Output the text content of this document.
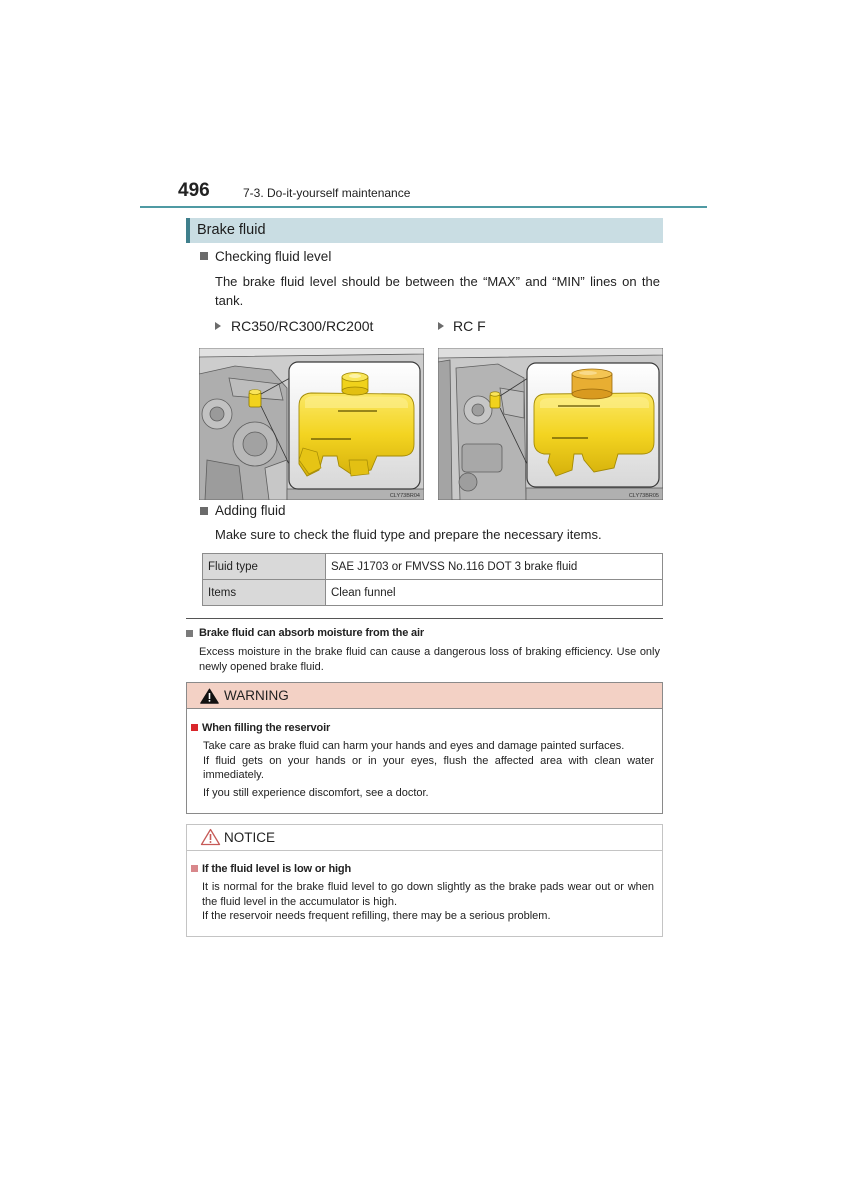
496	7-3. Do-it-yourself maintenance
Brake fluid
Checking fluid level
The brake fluid level should be between the “MAX” and “MIN” lines on the tank.
RC350/RC300/RC200t	RC F
CLY73BR04	CLY73BR05
Adding fluid
Make sure to check the fluid type and prepare the necessary items.
Fluid type	SAE J1703 or FMVSS No.116 DOT 3 brake fluid
Items	Clean funnel
Brake fluid can absorb moisture from the air
Excess moisture in the brake fluid can cause a dangerous loss of braking efficiency. Use only newly opened brake fluid.
WARNING
When filling the reservoir

Take care as brake fluid can harm your hands and eyes and damage painted surfaces.

If fluid gets on your hands or in your eyes, flush the affected area with clean water immediately.

If you still experience discomfort, see a doctor.

NOTICE
If the fluid level is low or high

It is normal for the brake fluid level to go down slightly as the brake pads wear out or when the fluid level in the accumulator is high.

If the reservoir needs frequent refilling, there may be a serious problem.
